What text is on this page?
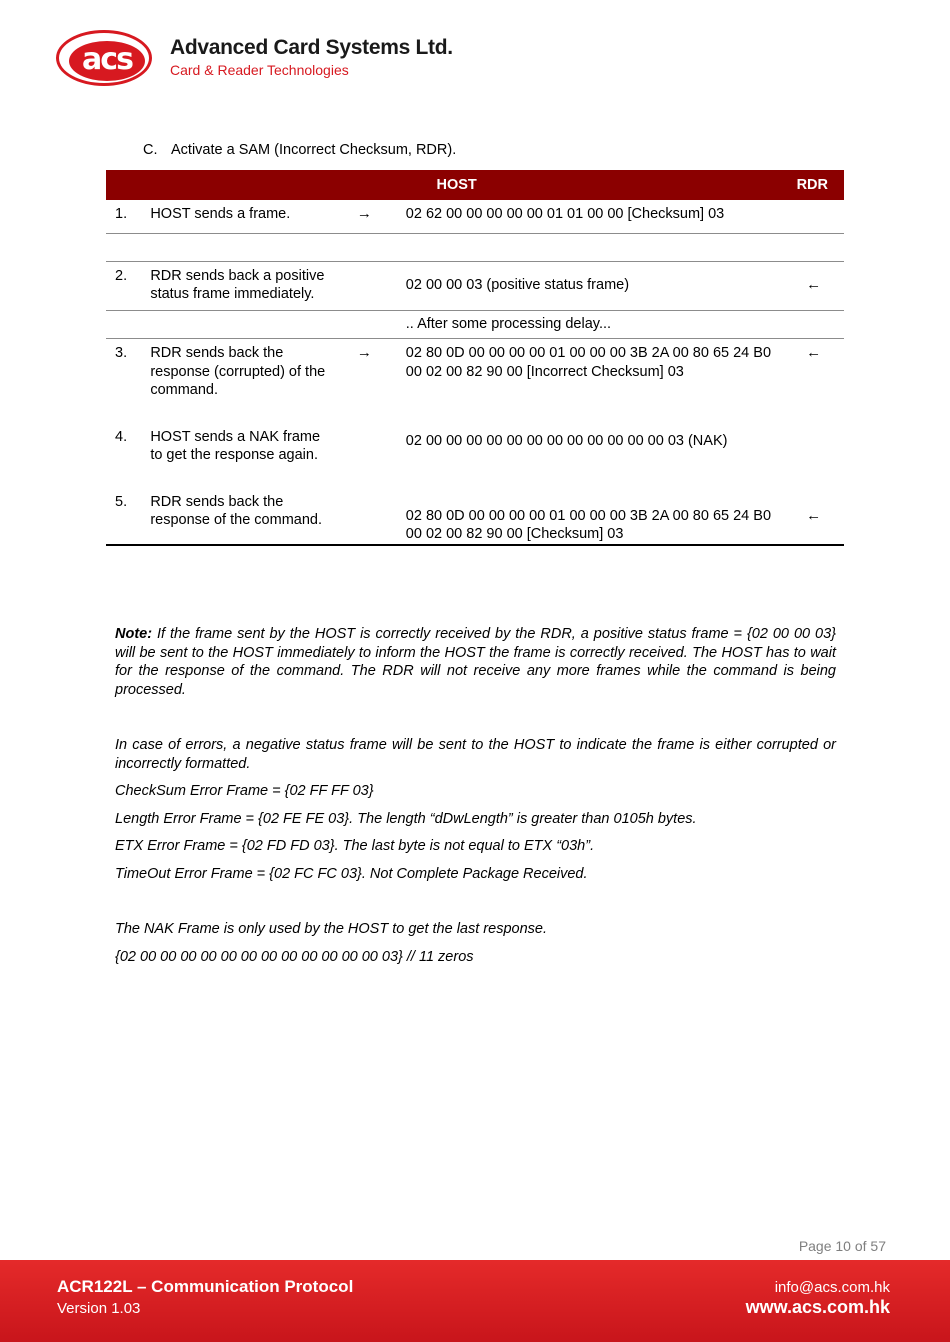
acs	Advanced Card Systems Ltd.
Card & Reader Technologies
C. Activate a SAM (Incorrect Checksum, RDR).
HOST				RDR
1.	HOST sends a frame.	→	02 62 00 00 00 00 00 01 01 00 00 [Checksum] 03	

2.	RDR sends back a positive status frame immediately.		02 00 00 03 (positive status frame)	←
			.. After some processing delay...	
3.	RDR sends back the response (corrupted) of the command.	→	02 80 0D 00 00 00 00 01 00 00 00 3B 2A 00 80 65 24 B0 00 02 00 82 90 00 [Incorrect Checksum] 03	←
4.	HOST sends a NAK frame to get the response again.		02 00 00 00 00 00 00 00 00 00 00 00 00 03 (NAK)	
5.	RDR sends back the response of the command.		02 80 0D 00 00 00 00 01 00 00 00 3B 2A 00 80 65 24 B0 00 02 00 82 90 00 [Checksum] 03	←

Note: If the frame sent by the HOST is correctly received by the RDR, a positive status frame = {02 00 00 03} will be sent to the HOST immediately to inform the HOST the frame is correctly received. The HOST has to wait for the response of the command. The RDR will not receive any more frames while the command is being processed.

In case of errors, a negative status frame will be sent to the HOST to indicate the frame is either corrupted or incorrectly formatted.

CheckSum Error Frame = {02 FF FF 03}

Length Error Frame = {02 FE FE 03}. The length “dDwLength” is greater than 0105h bytes.

ETX Error Frame = {02 FD FD 03}. The last byte is not equal to ETX “03h”.

TimeOut Error Frame = {02 FC FC 03}. Not Complete Package Received.

The NAK Frame is only used by the HOST to get the last response.

{02 00 00 00 00 00 00 00 00 00 00 00 00 03} // 11 zeros

Page 10 of 57
ACR122L – Communication Protocol
Version 1.03
info@acs.com.hk
www.acs.com.hk
